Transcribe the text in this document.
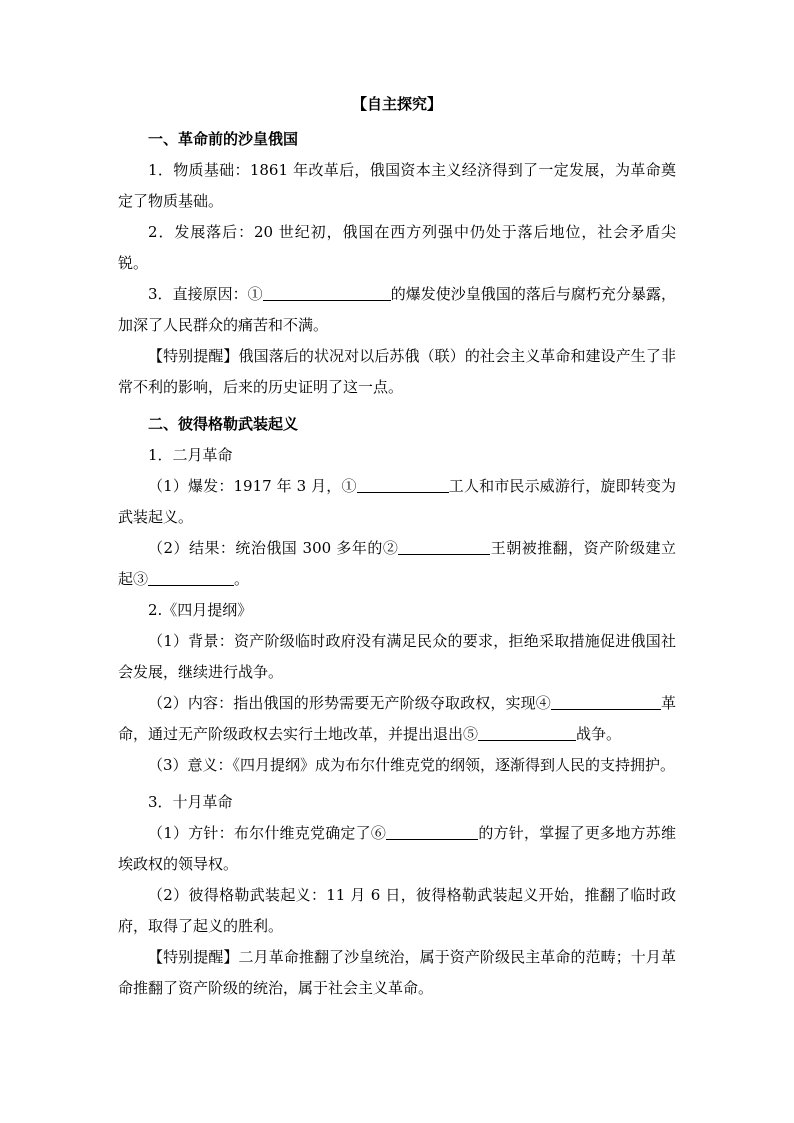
【自主探究】

一、革命前的沙皇俄国

1．物质基础：1861 年改革后，俄国资本主义经济得到了一定发展，为革命奠定了物质基础。

2．发展落后：20 世纪初，俄国在西方列强中仍处于落后地位，社会矛盾尖锐。

3．直接原因：①	的爆发使沙皇俄国的落后与腐朽充分暴露，加深了人民群众的痛苦和不满。

【特别提醒】俄国落后的状况对以后苏俄（联）的社会主义革命和建设产生了非常不利的影响，后来的历史证明了这一点。

二、彼得格勒武装起义

1．二月革命

（1）爆发：1917 年 3 月，①	工人和市民示威游行，旋即转变为武装起义。

（2）结果：统治俄国 300 多年的②	王朝被推翻，资产阶级建立起③	。

2.《四月提纲》

（1）背景：资产阶级临时政府没有满足民众的要求，拒绝采取措施促进俄国社会发展，继续进行战争。

（2）内容：指出俄国的形势需要无产阶级夺取政权，实现④	革命，通过无产阶级政权去实行土地改革，并提出退出⑤	战争。

（3）意义：《四月提纲》成为布尔什维克党的纲领，逐渐得到人民的支持拥护。

3．十月革命

（1）方针：布尔什维克党确定了⑥	的方针，掌握了更多地方苏维埃政权的领导权。

（2）彼得格勒武装起义：11 月 6 日，彼得格勒武装起义开始，推翻了临时政府，取得了起义的胜利。

【特别提醒】二月革命推翻了沙皇统治，属于资产阶级民主革命的范畴；十月革命推翻了资产阶级的统治，属于社会主义革命。
